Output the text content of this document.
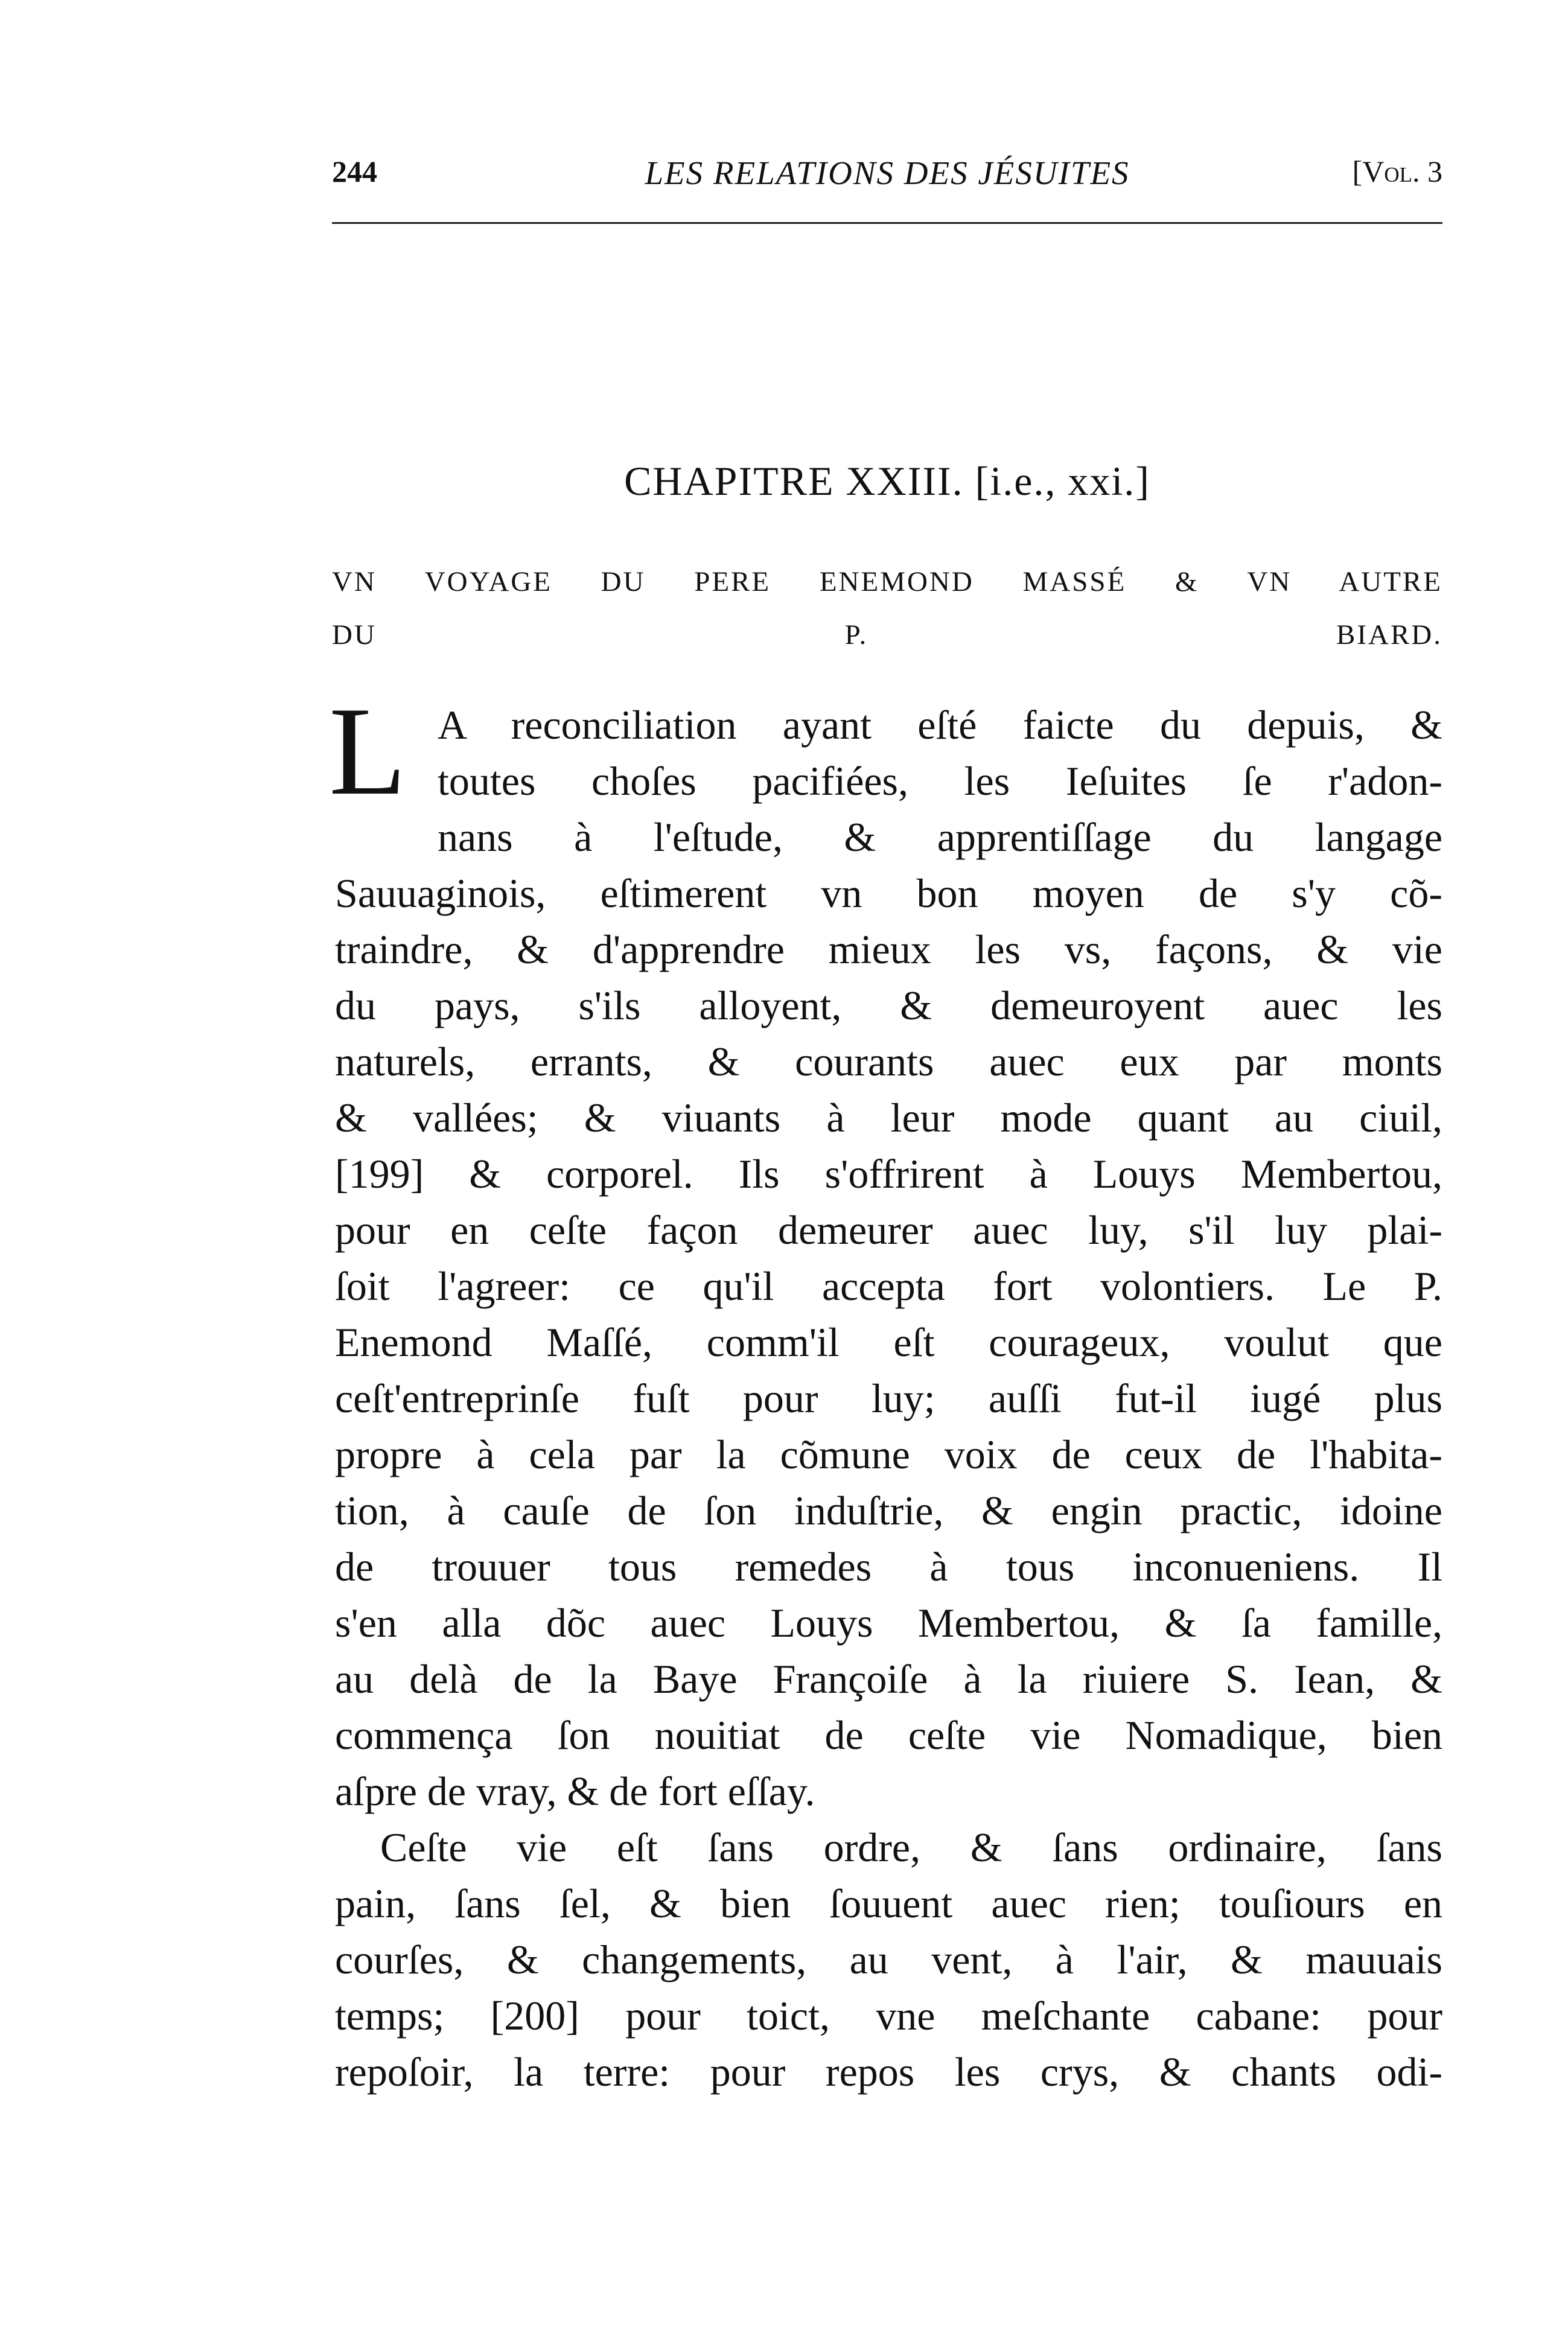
244	LES RELATIONS DES JÉSUITES	[Vol. 3
CHAPITRE XXIII. [i.e., xxi.]
VN VOYAGE DU PERE ENEMOND MASSÉ & VN AUTRE
DU P. BIARD.
L A reconciliation ayant eſté faicte du depuis, &
toutes choſes pacifiées, les Ieſuites ſe r'adon-
nans à l'eſtude, & apprentiſſage du langage
Sauuaginois, eſtimerent vn bon moyen de s'y cõ-
traindre, & d'apprendre mieux les vs, façons, & vie
du pays, s'ils alloyent, & demeuroyent auec les
naturels, errants, & courants auec eux par monts
& vallées; & viuants à leur mode quant au ciuil,
[199] & corporel. Ils s'offrirent à Louys Membertou,
pour en ceſte façon demeurer auec luy, s'il luy plai-
ſoit l'agreer: ce qu'il accepta fort volontiers. Le P.
Enemond Maſſé, comm'il eſt courageux, voulut que
ceſt'entreprinſe fuſt pour luy; auſſi fut-il iugé plus
propre à cela par la cõmune voix de ceux de l'habita-
tion, à cauſe de ſon induſtrie, & engin practic, idoine
de trouuer tous remedes à tous inconueniens. Il
s'en alla dõc auec Louys Membertou, & ſa famille,
au delà de la Baye Françoiſe à la riuiere S. Iean, &
commença ſon nouitiat de ceſte vie Nomadique, bien
aſpre de vray, & de fort eſſay.
Ceſte vie eſt ſans ordre, & ſans ordinaire, ſans
pain, ſans ſel, & bien ſouuent auec rien; touſiours en
courſes, & changements, au vent, à l'air, & mauuais
temps; [200] pour toict, vne meſchante cabane: pour
repoſoir, la terre: pour repos les crys, & chants odi-
